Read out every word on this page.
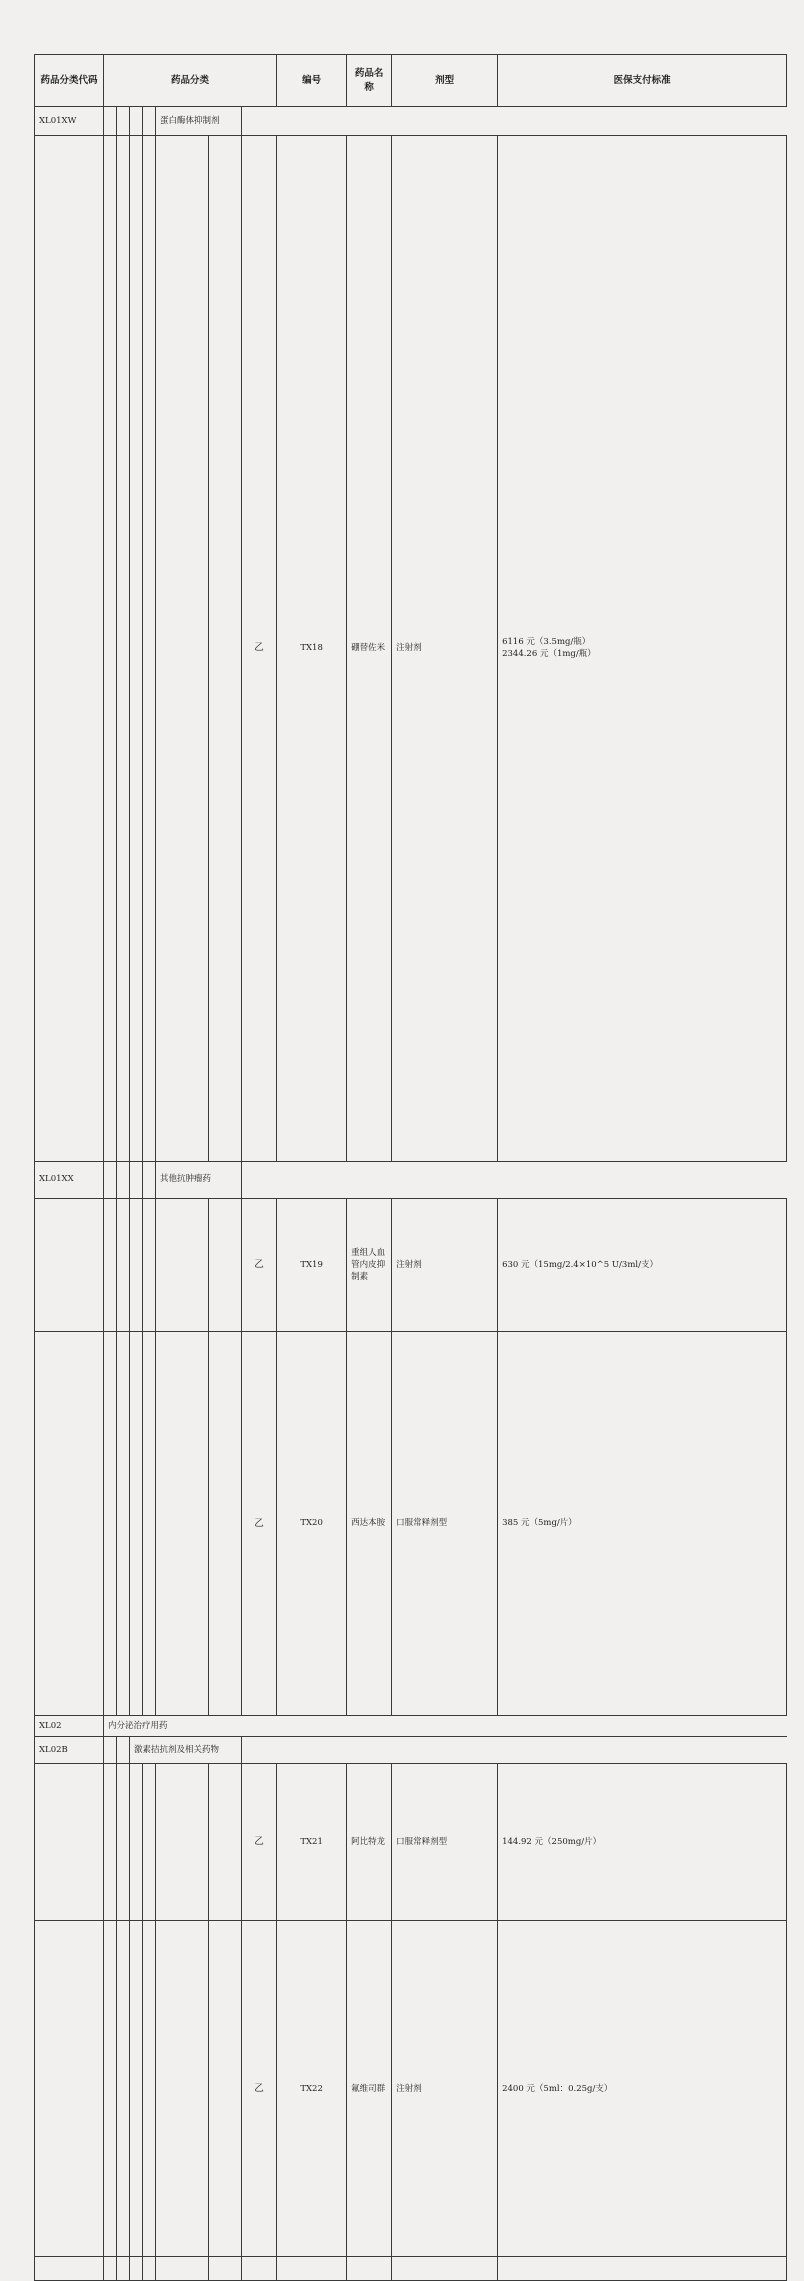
药品分类代码	药品分类							编号	药品名称	剂型	医保支付标准	
XL01XW					蛋白酶体抑制剂							
							乙	TX18	硼替佐米	注射剂	6116 元（3.5mg/瓶）
2344.26 元（1mg/瓶）	
XL01XX					其他抗肿瘤药							
							乙	TX19	重组人血管内皮抑制素	注射剂	630 元（15mg/2.4×10^5 U/3ml/支）	
							乙	TX20	西达本胺	口服常释剂型	385 元（5mg/片）	
XL02	内分泌治疗用药											
XL02B			激素拮抗剂及相关药物									
							乙	TX21	阿比特龙	口服常释剂型	144.92 元（250mg/片）	
							乙	TX22	氟维司群	注射剂	2400 元（5ml：0.25g/支）	
